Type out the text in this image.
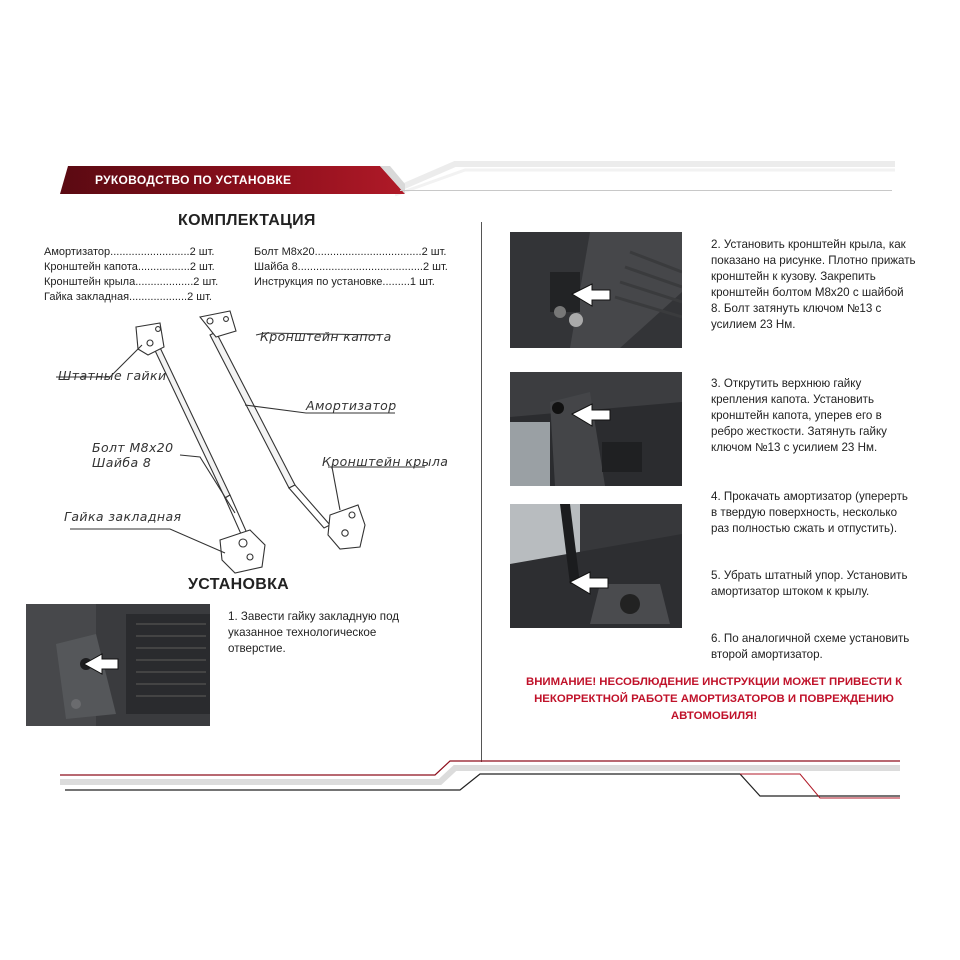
РУКОВОДСТВО ПО УСТАНОВКЕ
КОМПЛЕКТАЦИЯ
Амортизатор..........................2 шт.
Кронштейн капота.................2 шт.
Кронштейн крыла...................2 шт.
Гайка закладная...................2 шт.
Болт М8х20...................................2 шт.
Шайба 8.........................................2 шт.
Инструкция по установке.........1 шт.
Кронштейн капота
Штатные гайки
Амортизатор
Болт М8х20
Шайба 8	Кронштейн крыла
Гайка закладная
УСТАНОВКА
1. Завести гайку закладную под указанное технологическое отверстие.
2. Установить кронштейн крыла, как показано на рисунке. Плотно прижать кронштейн к кузову. Закрепить кронштейн болтом М8х20 с шайбой 8. Болт затянуть ключом №13 с усилием 23 Нм.
3. Открутить верхнюю гайку крепления капота. Установить кронштейн капота, уперев его в ребро жесткости. Затянуть гайку ключом №13 с усилием 23 Нм.
4. Прокачать амортизатор (уперерть в твердую поверхность, несколько раз полностью сжать и отпустить).
5. Убрать штатный упор. Установить амортизатор штоком к крылу.
6. По аналогичной схеме установить второй амортизатор.
ВНИМАНИЕ! НЕСОБЛЮДЕНИЕ ИНСТРУКЦИИ МОЖЕТ ПРИВЕСТИ К НЕКОРРЕКТНОЙ РАБОТЕ АМОРТИЗАТОРОВ И ПОВРЕЖДЕНИЮ АВТОМОБИЛЯ!
